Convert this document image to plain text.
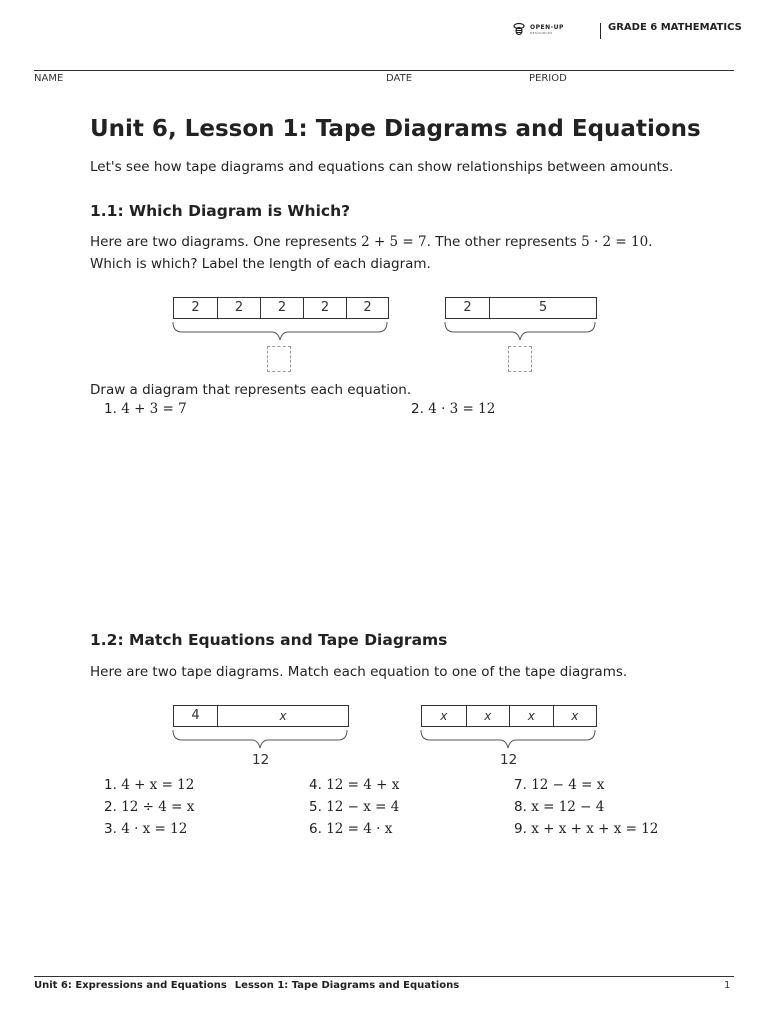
OPEN-UP
RESOURCES	GRADE 6 MATHEMATICS
NAME	DATE	PERIOD
Unit 6, Lesson 1: Tape Diagrams and Equations
Let's see how tape diagrams and equations can show relationships between amounts.
1.1: Which Diagram is Which?
Here are two diagrams. One represents 2 + 5 = 7. The other represents 5 · 2 = 10. Which is which? Label the length of each diagram.
2	2	2	2	2	2	5
Draw a diagram that represents each equation.
1. 4 + 3 = 7	2. 4 · 3 = 12
1.2: Match Equations and Tape Diagrams
Here are two tape diagrams. Match each equation to one of the tape diagrams.
4	x
12
x	x	x	x
12
1. 4 + x = 12
2. 12 ÷ 4 = x
3. 4 · x = 12
4. 12 = 4 + x
5. 12 − x = 4
6. 12 = 4 · x
7. 12 − 4 = x
8. x = 12 − 4
9. x + x + x + x = 12
Unit 6: Expressions and Equations Lesson 1: Tape Diagrams and Equations	1
